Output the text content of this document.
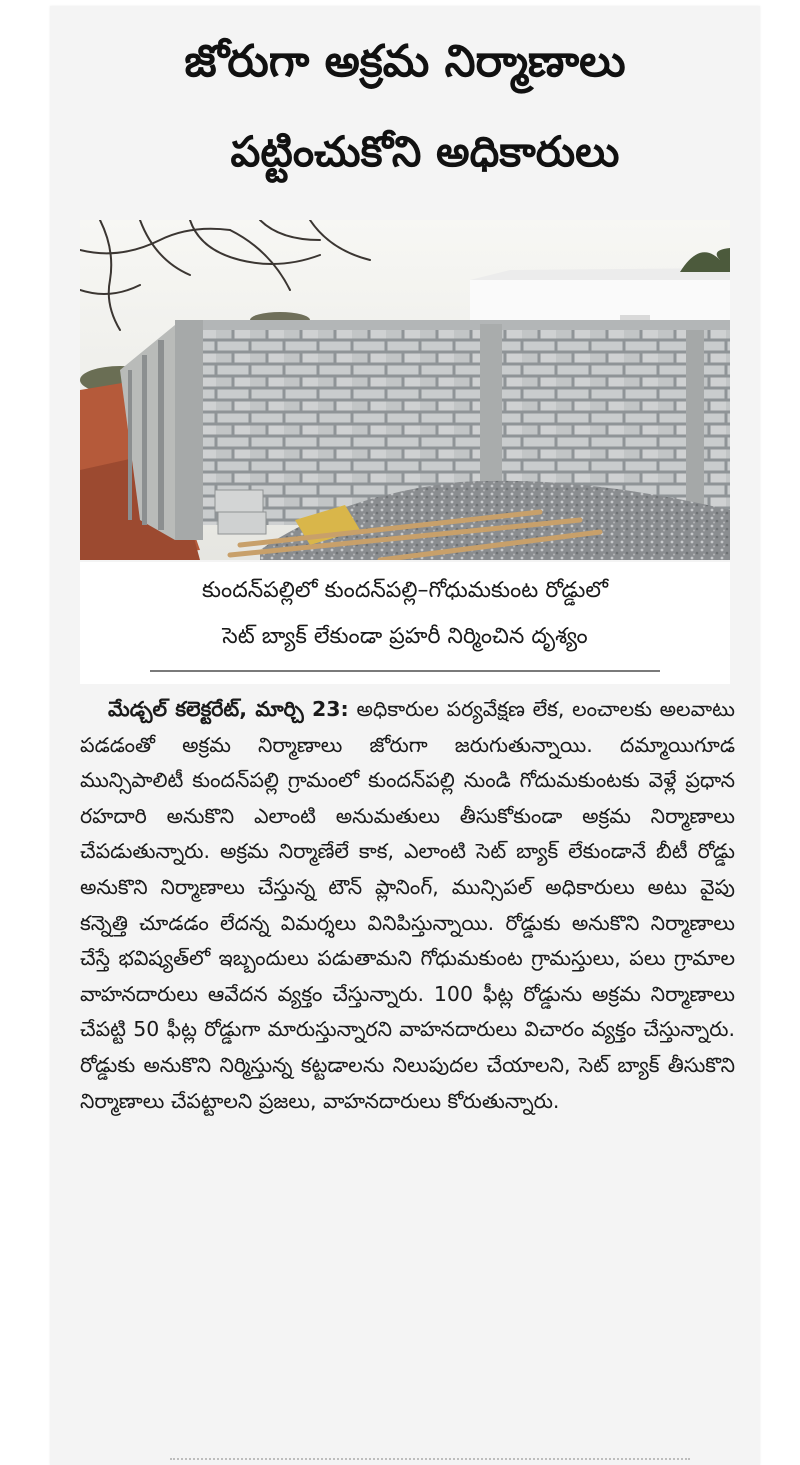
జోరుగా అక్రమ నిర్మాణాలు
పట్టించుకోని అధికారులు
కుందన్‌పల్లిలో కుందన్‌పల్లి–గోధుమకుంట రోడ్డులో
సెట్ బ్యాక్ లేకుండా ప్రహరీ నిర్మించిన దృశ్యం

మేడ్చల్ కలెక్టరేట్, మార్చి 23: అధికారుల పర్యవేక్షణ లేక, లంచాలకు అలవాటు పడడంతో అక్రమ నిర్మాణాలు జోరుగా జరుగుతున్నాయి. దమ్మాయిగూడ మున్సిపాలిటీ కుందన్‌పల్లి గ్రామంలో కుందన్‌పల్లి నుండి గోదుమకుంటకు వెళ్లే ప్రధాన రహదారి అనుకొని ఎలాంటి అనుమతులు తీసుకోకుండా అక్రమ నిర్మాణాలు చేపడుతున్నారు. అక్రమ నిర్మాణేలే కాక, ఎలాంటి సెట్ బ్యాక్ లేకుండానే బీటీ రోడ్డు అనుకొని నిర్మాణాలు చేస్తున్న టౌన్ ప్లానింగ్, మున్సిపల్ అధికారులు అటు వైపు కన్నెత్తి చూడడం లేదన్న విమర్శలు వినిపిస్తున్నాయి. రోడ్డుకు అనుకొని నిర్మాణాలు చేస్తే భవిష్యత్‌లో ఇబ్బందులు పడుతామని గోధుమకుంట గ్రామస్తులు, పలు గ్రామాల వాహనదారులు ఆవేదన వ్యక్తం చేస్తున్నారు. 100 ఫీట్ల రోడ్డును అక్రమ నిర్మాణాలు చేపట్టి 50 ఫీట్ల రోడ్డుగా మారుస్తున్నారని వాహనదారులు విచారం వ్యక్తం చేస్తున్నారు. రోడ్డుకు అనుకొని నిర్మిస్తున్న కట్టడాలను నిలుపుదల చేయాలని, సెట్ బ్యాక్ తీసుకొని నిర్మాణాలు చేపట్టాలని ప్రజలు, వాహనదారులు కోరుతున్నారు.
